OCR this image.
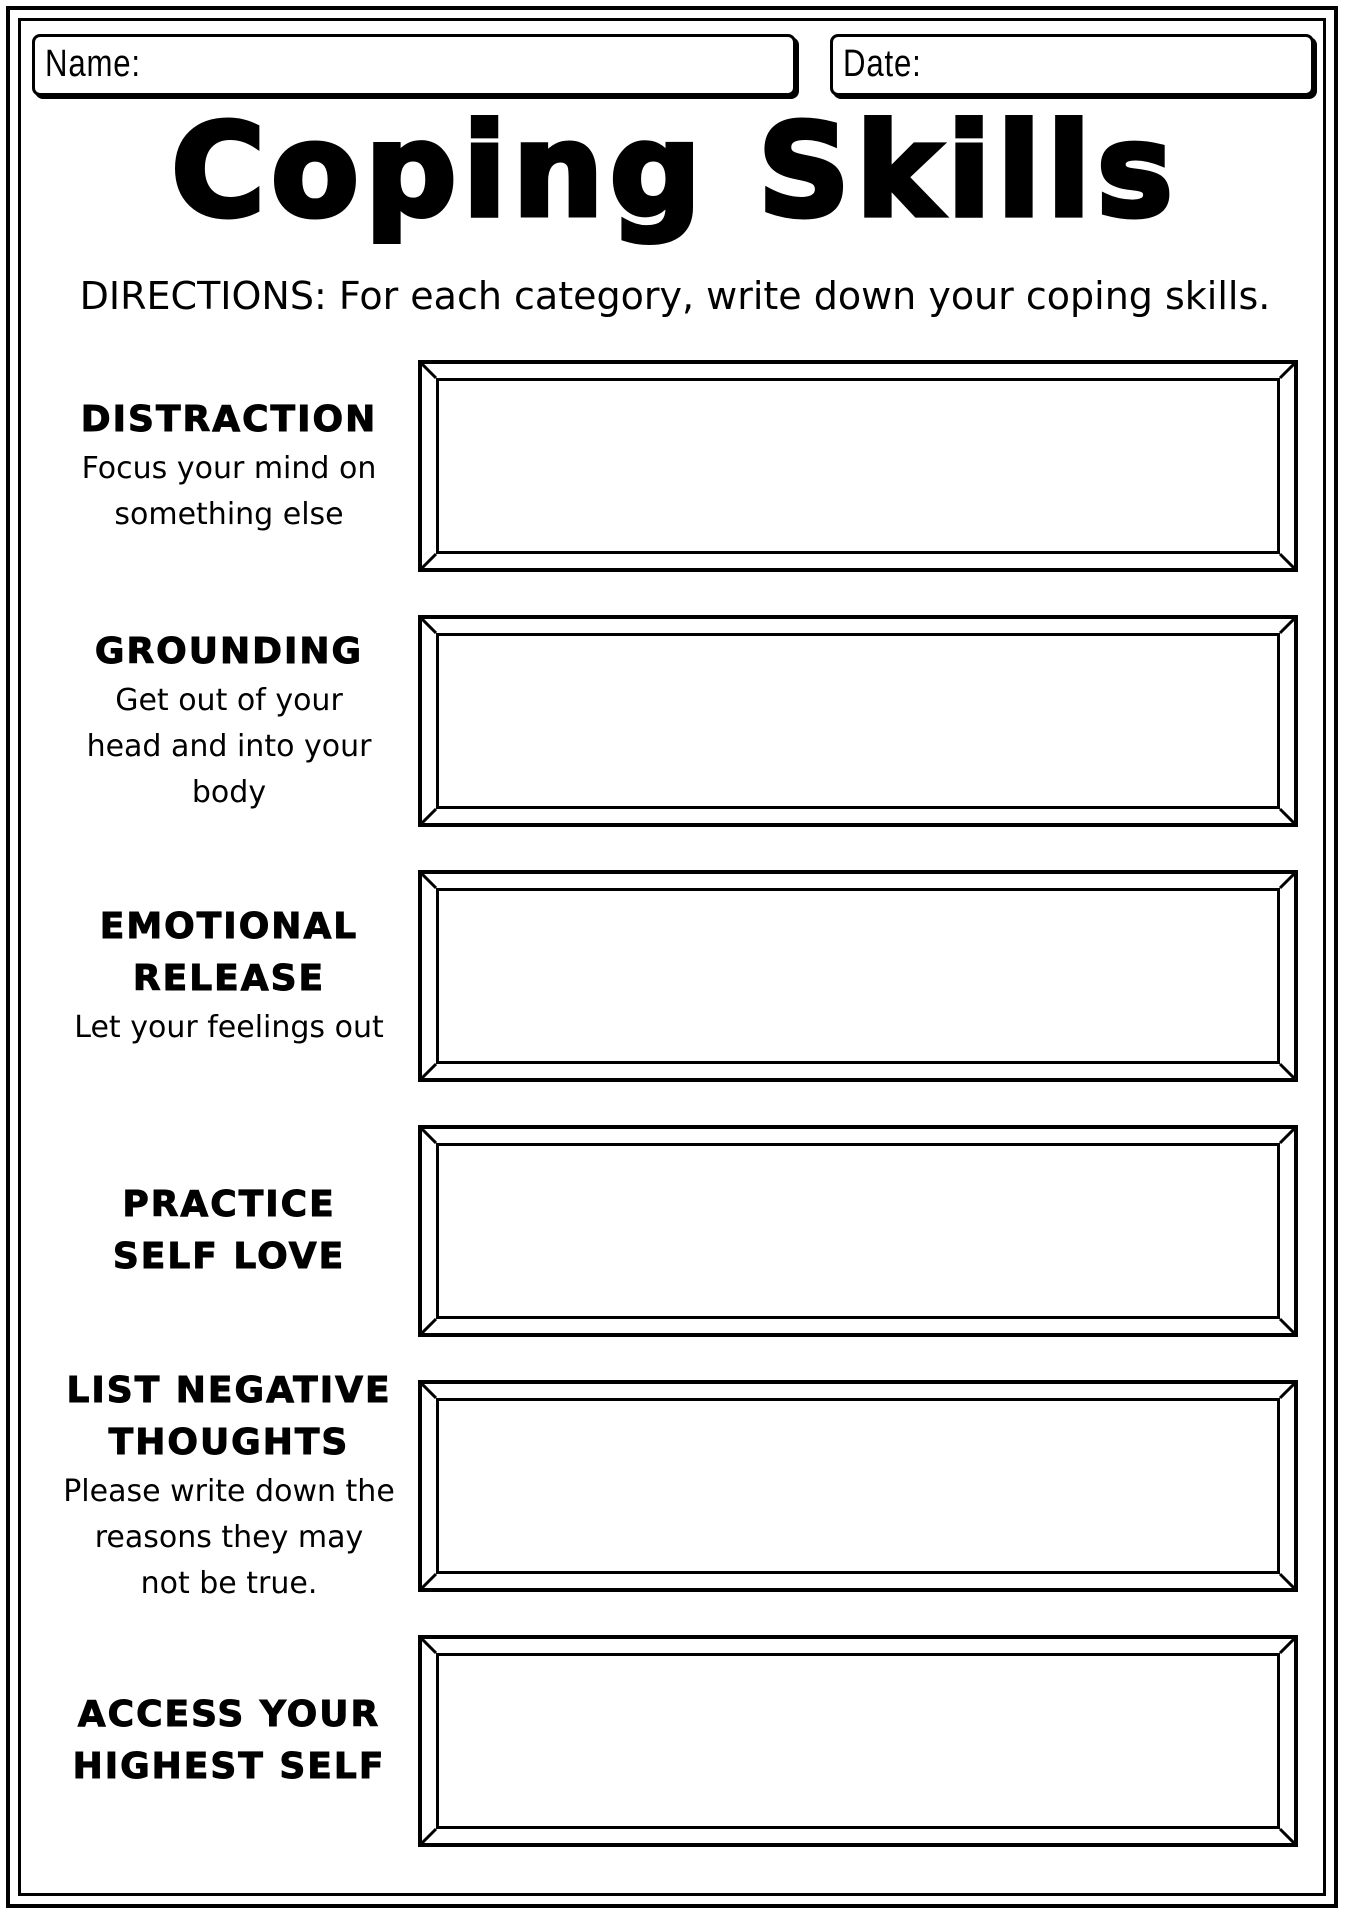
Name:	Date:
Coping Skills
DIRECTIONS: For each category, write down your coping skills.
DISTRACTION
Focus your mind on
something else
GROUNDING
Get out of your
head and into your
body
EMOTIONAL
RELEASE
Let your feelings out
PRACTICE
SELF LOVE
LIST NEGATIVE
THOUGHTS
Please write down the
reasons they may
not be true.
ACCESS YOUR
HIGHEST SELF
